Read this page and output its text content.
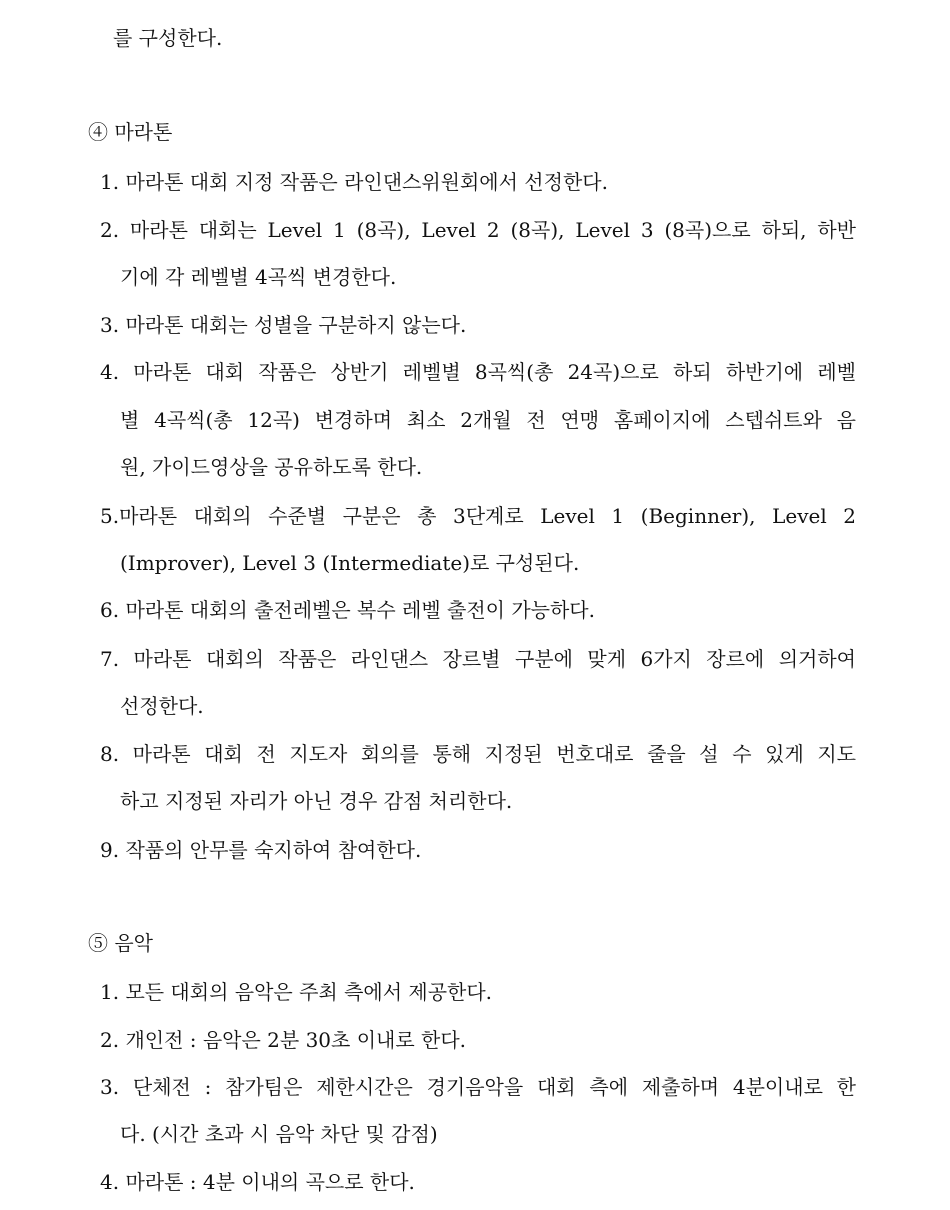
를 구성한다.
④ 마라톤
1. 마라톤 대회 지정 작품은 라인댄스위원회에서 선정한다.
2. 마라톤 대회는 Level 1 (8곡), Level 2 (8곡), Level 3 (8곡)으로 하되, 하반
기에 각 레벨별 4곡씩 변경한다.
3. 마라톤 대회는 성별을 구분하지 않는다.
4. 마라톤 대회 작품은 상반기 레벨별 8곡씩(총 24곡)으로 하되 하반기에 레벨
별 4곡씩(총 12곡) 변경하며 최소 2개월 전 연맹 홈페이지에 스텝쉬트와 음
원, 가이드영상을 공유하도록 한다.
5.마라톤 대회의 수준별 구분은 총 3단계로 Level 1 (Beginner), Level 2
(Improver), Level 3 (Intermediate)로 구성된다.
6. 마라톤 대회의 출전레벨은 복수 레벨 출전이 가능하다.
7. 마라톤 대회의 작품은 라인댄스 장르별 구분에 맞게 6가지 장르에 의거하여
선정한다.
8. 마라톤 대회 전 지도자 회의를 통해 지정된 번호대로 줄을 설 수 있게 지도
하고 지정된 자리가 아닌 경우 감점 처리한다.
9. 작품의 안무를 숙지하여 참여한다.
⑤ 음악
1. 모든 대회의 음악은 주최 측에서 제공한다.
2. 개인전 : 음악은 2분 30초 이내로 한다.
3. 단체전 : 참가팀은 제한시간은 경기음악을 대회 측에 제출하며 4분이내로 한
다. (시간 초과 시 음악 차단 및 감점)
4. 마라톤 : 4분 이내의 곡으로 한다.
